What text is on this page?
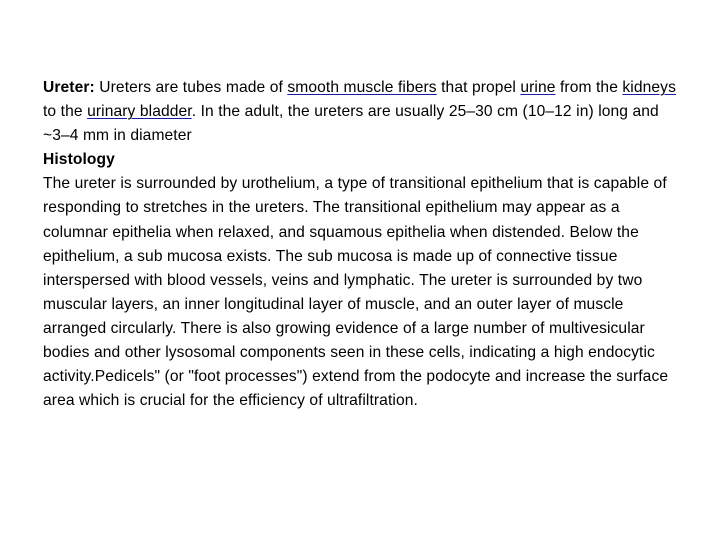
Ureter: Ureters are tubes made of smooth muscle fibers that propel urine from the kidneys to the urinary bladder. In the adult, the ureters are usually 25–30 cm (10–12 in) long and ~3–4 mm in diameter

Histology

The ureter is surrounded by urothelium, a type of transitional epithelium that is capable of responding to stretches in the ureters. The transitional epithelium may appear as a columnar epithelia when relaxed, and squamous epithelia when distended. Below the epithelium, a sub mucosa exists. The sub mucosa is made up of connective tissue interspersed with blood vessels, veins and lymphatic. The ureter is surrounded by two muscular layers, an inner longitudinal layer of muscle, and an outer layer of muscle arranged circularly. There is also growing evidence of a large number of multivesicular bodies and other lysosomal components seen in these cells, indicating a high endocytic activity.Pedicels" (or "foot processes") extend from the podocyte and increase the surface area which is crucial for the efficiency of ultrafiltration.
